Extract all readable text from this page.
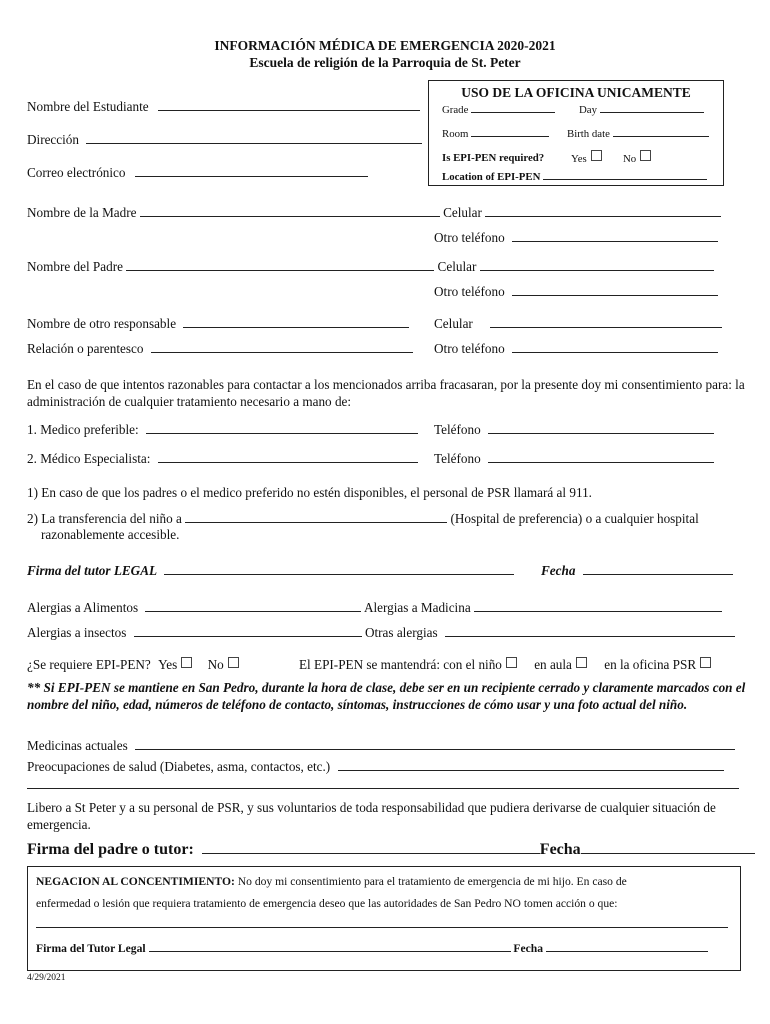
INFORMACIÓN MÉDICA DE EMERGENCIA 2020-2021
Escuela de religión de la Parroquia de St. Peter
Nombre del Estudiante
Dirección
Correo electrónico
USO DE LA OFICINA UNICAMENTE
Grade	Day
Room	Birth date
Is EPI-PEN required? Yes	No
Location of EPI-PEN
Nombre de la Madre	Celular
Otro teléfono
Nombre del Padre	Celular
Otro teléfono
Nombre de otro responsable	Celular
Relación o parentesco	Otro teléfono
En el caso de que intentos razonables para contactar a los mencionados arriba fracasaran, por la presente doy mi consentimiento para: la administración de cualquier tratamiento necesario a mano de:
1. Medico preferible:	Teléfono
2. Médico Especialista:	Teléfono
1) En caso de que los padres o el medico preferido no estén disponibles, el personal de PSR llamará al 911.
2) La transferencia del niño a	(Hospital de preferencia) o a cualquier hospital
razonablemente accesible.
Firma del tutor LEGAL	Fecha
Alergias a Alimentos	Alergias a Madicina
Alergias a insectos	Otras alergias
¿Se requiere EPI-PEN? Yes No	El EPI-PEN se mantendrá: con el niño en aula en la oficina PSR
** Si EPI-PEN se mantiene en San Pedro, durante la hora de clase, debe ser en un recipiente cerrado y claramente marcados con el nombre del niño, edad, números de teléfono de contacto, síntomas, instrucciones de cómo usar y una foto actual del niño.
Medicinas actuales
Preocupaciones de salud (Diabetes, asma, contactos, etc.)
Libero a St Peter y a su personal de PSR, y sus voluntarios de toda responsabilidad que pudiera derivarse de cualquier situación de emergencia.
Firma del padre o tutor:	Fecha
NEGACION AL CONCENTIMIENTO: No doy mi consentimiento para el tratamiento de emergencia de mi hijo. En caso de
enfermedad o lesión que requiera tratamiento de emergencia deseo que las autoridades de San Pedro NO tomen acción o que:
Firma del Tutor Legal	Fecha
4/29/2021
